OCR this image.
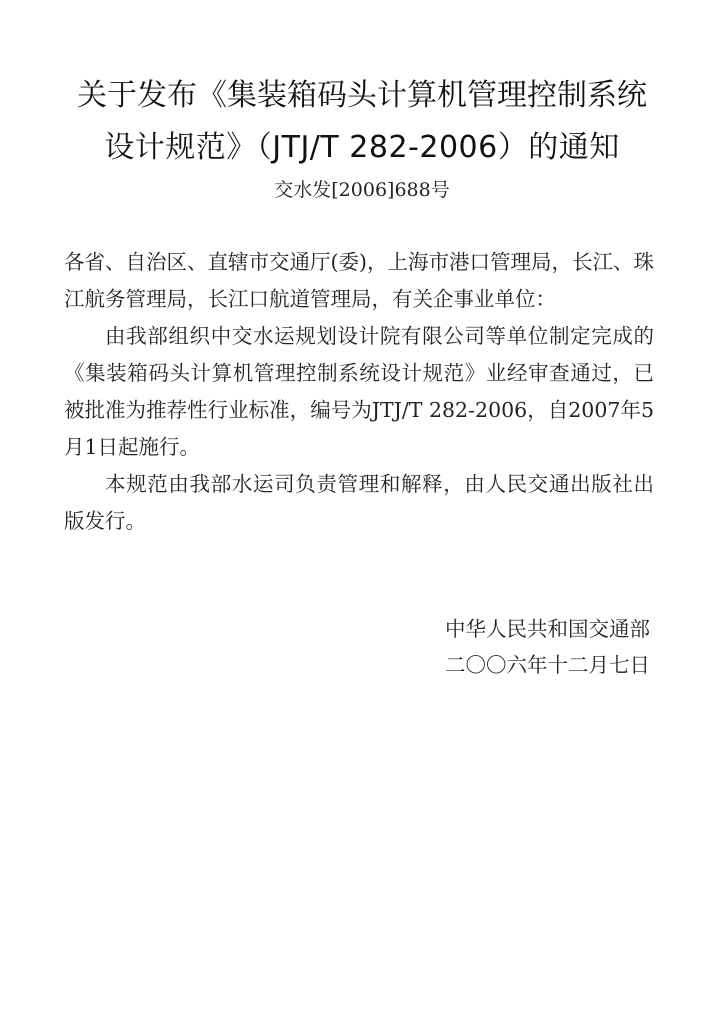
关于发布《集装箱码头计算机管理控制系统
设计规范》（JTJ/T 282-2006）的通知
交水发[2006]688号
各省、自治区、直辖市交通厅(委)，上海市港口管理局，长江、珠江航务管理局，长江口航道管理局，有关企事业单位：
由我部组织中交水运规划设计院有限公司等单位制定完成的《集装箱码头计算机管理控制系统设计规范》业经审查通过，已被批准为推荐性行业标准，编号为JTJ/T 282-2006，自2007年5月1日起施行。
本规范由我部水运司负责管理和解释，由人民交通出版社出版发行。
中华人民共和国交通部
二〇〇六年十二月七日
